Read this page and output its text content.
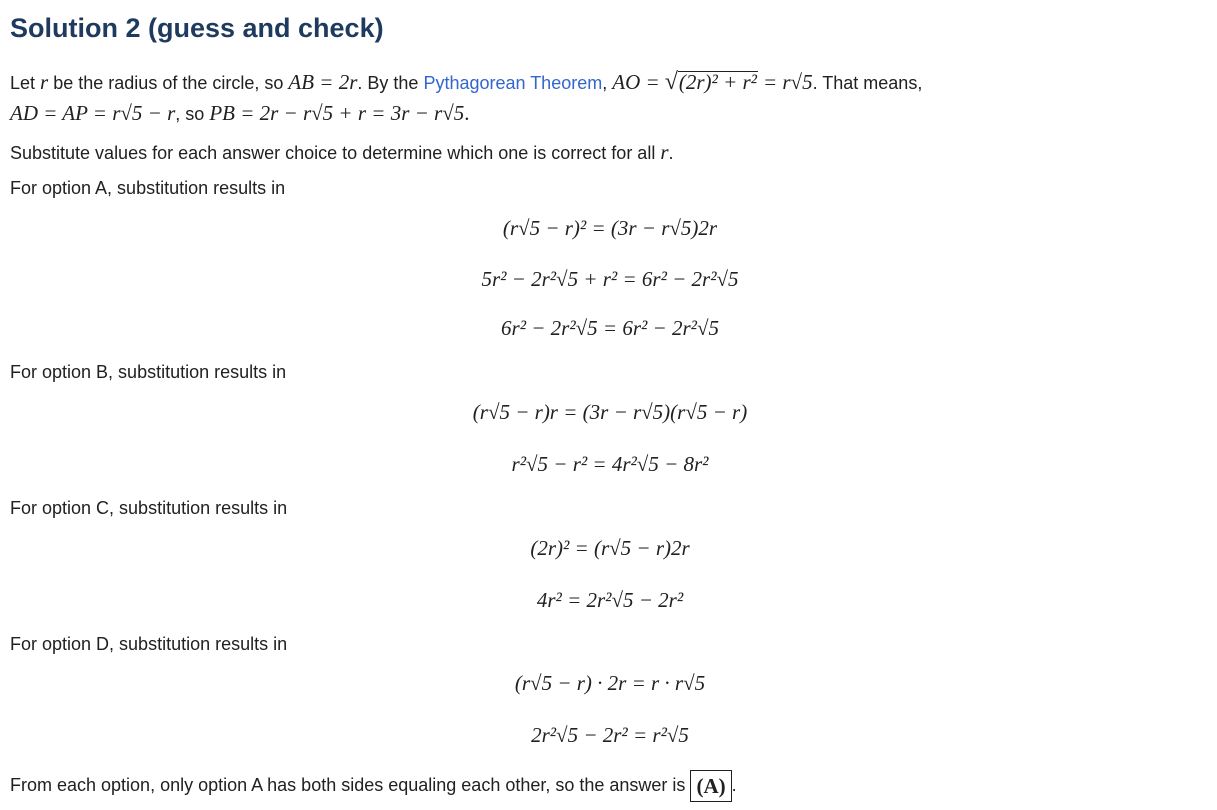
Solution 2 (guess and check)
Let r be the radius of the circle, so AB = 2r. By the Pythagorean Theorem, AO = √(2r)² + r² = r√5. That means,
AD = AP = r√5 − r, so PB = 2r − r√5 + r = 3r − r√5.
Substitute values for each answer choice to determine which one is correct for all r.
For option A, substitution results in
(r√5 − r)² = (3r − r√5)2r
5r² − 2r²√5 + r² = 6r² − 2r²√5
6r² − 2r²√5 = 6r² − 2r²√5
For option B, substitution results in
(r√5 − r)r = (3r − r√5)(r√5 − r)
r²√5 − r² = 4r²√5 − 8r²
For option C, substitution results in
(2r)² = (r√5 − r)2r
4r² = 2r²√5 − 2r²
For option D, substitution results in
(r√5 − r) · 2r = r · r√5
2r²√5 − 2r² = r²√5
From each option, only option A has both sides equaling each other, so the answer is (A) .
